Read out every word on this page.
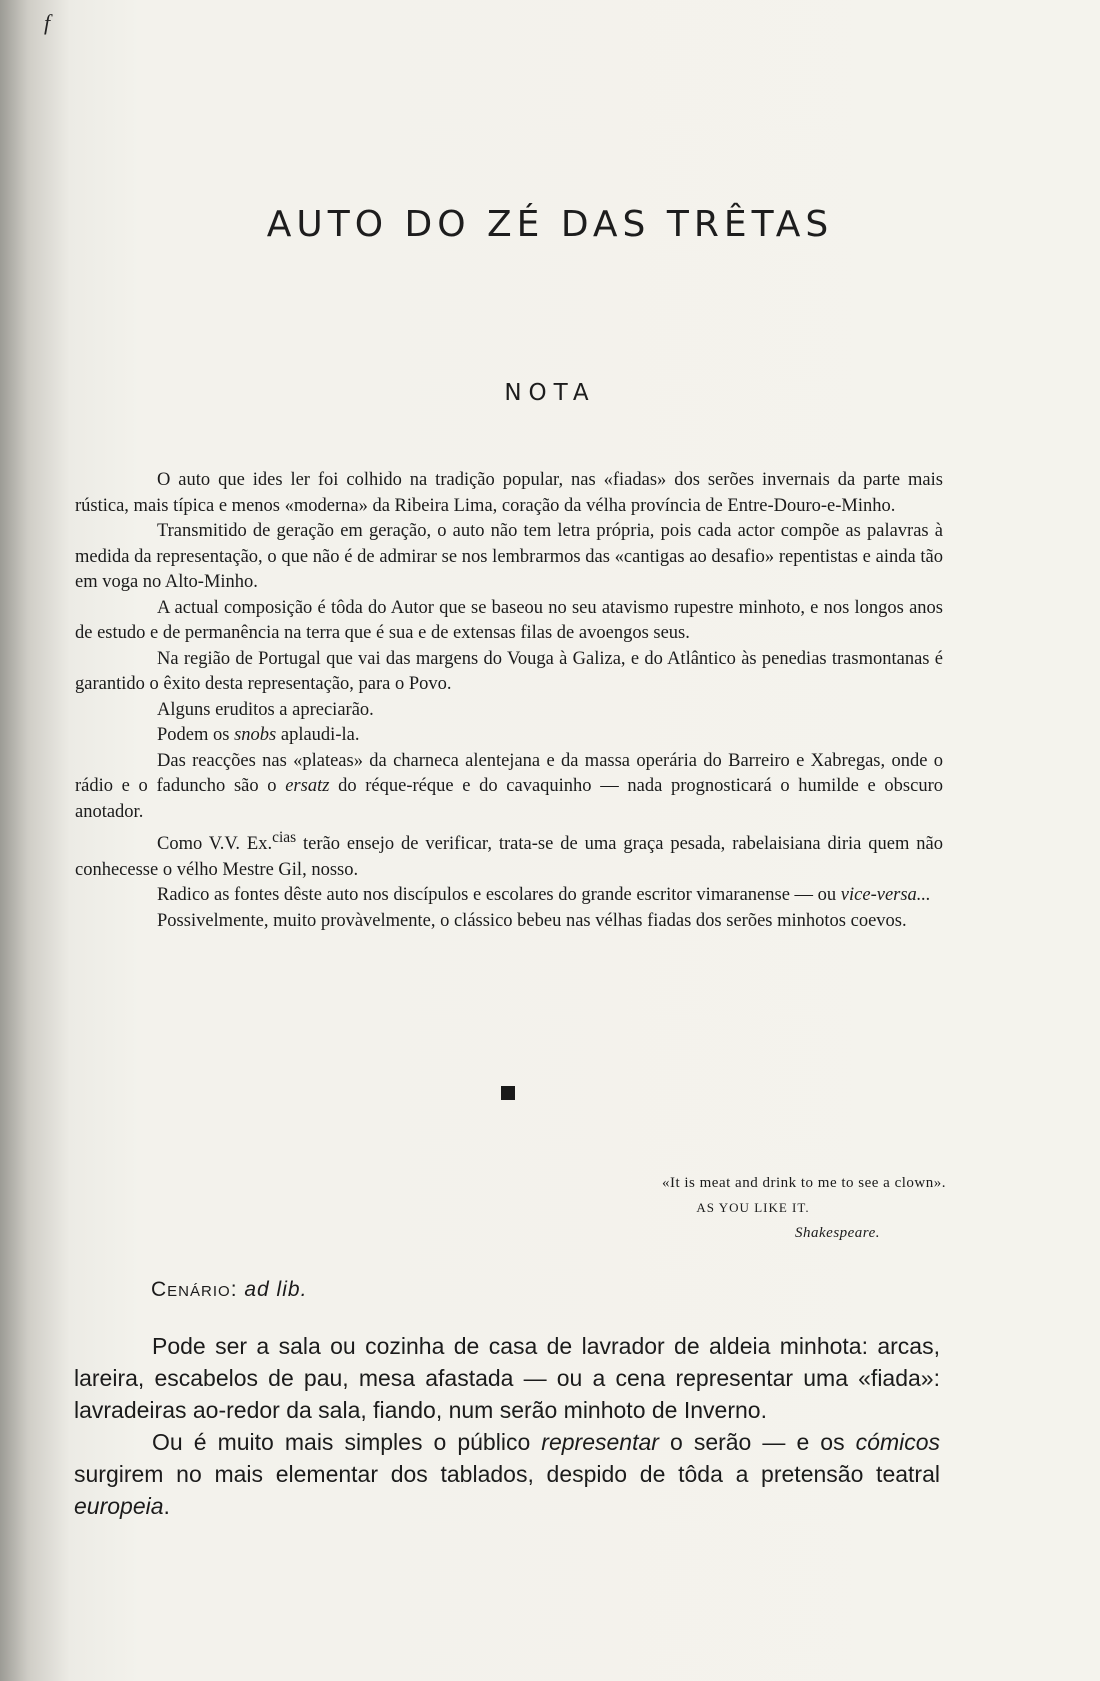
f
AUTO DO ZÉ DAS TRÊTAS
NOTA

O auto que ides ler foi colhido na tradição popular, nas «fiadas» dos serões invernais da parte mais rústica, mais típica e menos «moderna» da Ribeira Lima, coração da vélha província de Entre-Douro-e-Minho.

Transmitido de geração em geração, o auto não tem letra própria, pois cada actor compõe as palavras à medida da representação, o que não é de admirar se nos lembrarmos das «cantigas ao desafio» repentistas e ainda tão em voga no Alto-Minho.

A actual composição é tôda do Autor que se baseou no seu atavismo rupestre minhoto, e nos longos anos de estudo e de permanência na terra que é sua e de extensas filas de avoengos seus.

Na região de Portugal que vai das margens do Vouga à Galiza, e do Atlântico às penedias trasmontanas é garantido o êxito desta representação, para o Povo.

Alguns eruditos a apreciarão.

Podem os snobs aplaudi-la.

Das reacções nas «plateas» da charneca alentejana e da massa operária do Barreiro e Xabregas, onde o rádio e o faduncho são o ersatz do réque-réque e do cavaquinho — nada prognosticará o humilde e obscuro anotador.

Como V.V. Ex.$^{cias}$ terão ensejo de verificar, trata-se de uma graça pesada, rabelaisiana diria quem não conhecesse o vélho Mestre Gil, nosso.

Radico as fontes dêste auto nos discípulos e escolares do grande escritor vimaranense — ou vice-versa...

Possivelmente, muito provàvelmente, o clássico bebeu nas vélhas fiadas dos serões minhotos coevos.

«It is meat and drink to me to see a clown».
AS YOU LIKE IT.
Shakespeare.
Cenário: ad lib.

Pode ser a sala ou cozinha de casa de lavrador de aldeia minhota: arcas, lareira, escabelos de pau, mesa afastada — ou a cena representar uma «fiada»: lavradeiras ao-redor da sala, fiando, num serão minhoto de Inverno.

Ou é muito mais simples o público representar o serão — e os cómicos surgirem no mais elementar dos tablados, despido de tôda a pretensão teatral europeia.
